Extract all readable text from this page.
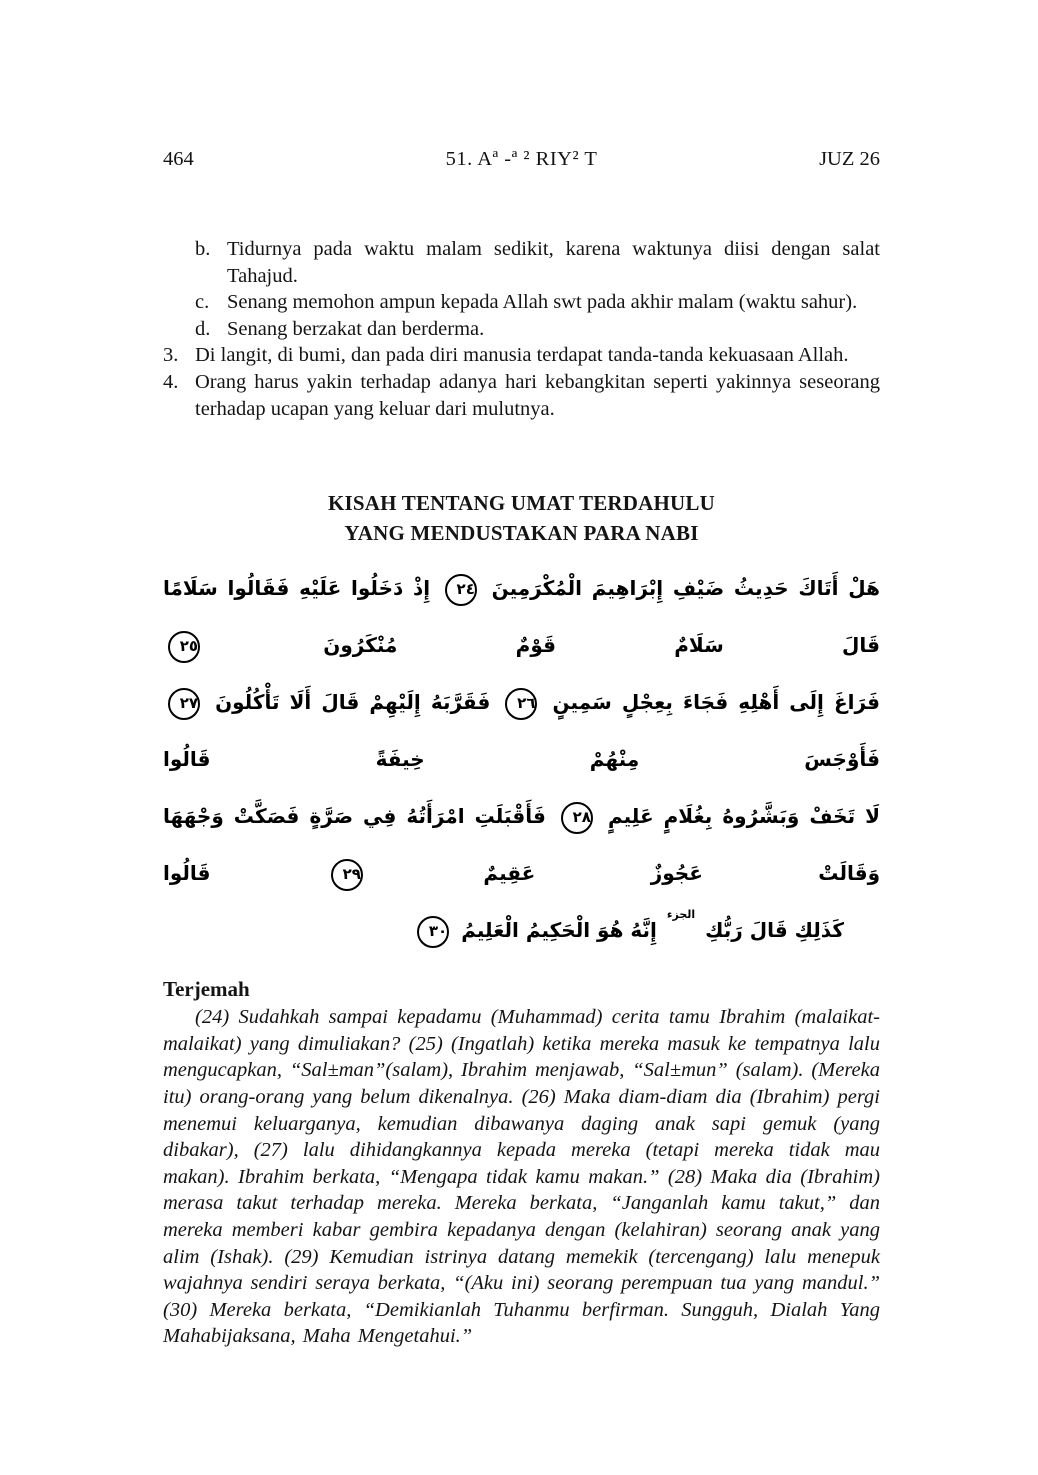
464	51. Aª -ª ² RIY² T	JUZ 26
b. Tidurnya pada waktu malam sedikit, karena waktunya diisi dengan salat Tahajud.
c. Senang memohon ampun kepada Allah swt pada akhir malam (waktu sahur).
d. Senang berzakat dan berderma.
3. Di langit, di bumi, dan pada diri manusia terdapat tanda-tanda kekuasaan Allah.
4. Orang harus yakin terhadap adanya hari kebangkitan seperti yakinnya seseorang terhadap ucapan yang keluar dari mulutnya.
KISAH TENTANG UMAT TERDAHULU
YANG MENDUSTAKAN PARA NABI
هَلْ أَتَاكَ حَدِيثُ ضَيْفِ إِبْرَاهِيمَ الْمُكْرَمِينَ ٢٤ إِذْ دَخَلُوا عَلَيْهِ فَقَالُوا سَلَامًا قَالَ سَلَامٌ قَوْمٌ مُنْكَرُونَ ٢٥
فَرَاغَ إِلَى أَهْلِهِ فَجَاءَ بِعِجْلٍ سَمِينٍ ٢٦ فَقَرَّبَهُ إِلَيْهِمْ قَالَ أَلَا تَأْكُلُونَ ٢٧ فَأَوْجَسَ مِنْهُمْ خِيفَةً قَالُوا
لَا تَخَفْ وَبَشَّرُوهُ بِغُلَامٍ عَلِيمٍ ٢٨ فَأَقْبَلَتِ امْرَأَتُهُ فِي صَرَّةٍ فَصَكَّتْ وَجْهَهَا وَقَالَتْ عَجُوزٌ عَقِيمٌ ٢٩ قَالُوا
كَذَلِكِ قَالَ رَبُّكِ $^{الجزء}$ إِنَّهُ هُوَ الْحَكِيمُ الْعَلِيمُ ٣٠
Terjemah
(24) Sudahkah sampai kepadamu (Muhammad) cerita tamu Ibrahim (malaikat-malaikat) yang dimuliakan? (25) (Ingatlah) ketika mereka masuk ke tempatnya lalu mengucapkan, “Sal±man”(salam), Ibrahim menjawab, “Sal±mun” (salam). (Mereka itu) orang-orang yang belum dikenalnya. (26) Maka diam-diam dia (Ibrahim) pergi menemui keluarganya, kemudian dibawanya daging anak sapi gemuk (yang dibakar), (27) lalu dihidangkannya kepada mereka (tetapi mereka tidak mau makan). Ibrahim berkata, “Mengapa tidak kamu makan.” (28) Maka dia (Ibrahim) merasa takut terhadap mereka. Mereka berkata, “Janganlah kamu takut,” dan mereka memberi kabar gembira kepadanya dengan (kelahiran) seorang anak yang alim (Ishak). (29) Kemudian istrinya datang memekik (tercengang) lalu menepuk wajahnya sendiri seraya berkata, “(Aku ini) seorang perempuan tua yang mandul.” (30) Mereka berkata, “Demikianlah Tuhanmu berfirman. Sungguh, Dialah Yang Mahabijaksana, Maha Mengetahui.”
